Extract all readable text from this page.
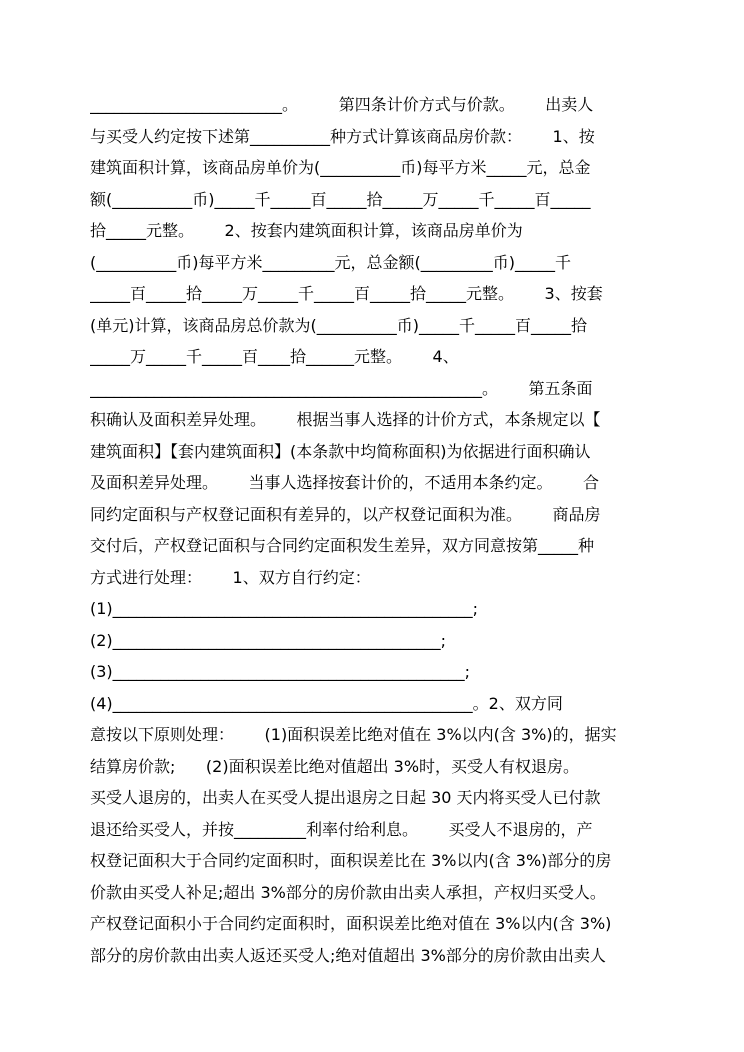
________________________。        第四条计价方式与价款。      出卖人
与买受人约定按下述第__________种方式计算该商品房价款：      1、按
建筑面积计算，该商品房单价为(__________币)每平方米_____元，总金
额(__________币)_____千_____百_____拾_____万_____千_____百_____
拾_____元整。      2、按套内建筑面积计算，该商品房单价为
(__________币)每平方米_________元，总金额(_________币)_____千
_____百_____拾_____万_____千_____百_____拾_____元整。      3、按套
(单元)计算，该商品房总价款为(__________币)_____千_____百_____拾
_____万_____千_____百____拾______元整。      4、
_________________________________________________。      第五条面
积确认及面积差异处理。      根据当事人选择的计价方式，本条规定以【
建筑面积】【套内建筑面积】(本条款中均简称面积)为依据进行面积确认
及面积差异处理。      当事人选择按套计价的，不适用本条约定。      合
同约定面积与产权登记面积有差异的，以产权登记面积为准。      商品房
交付后，产权登记面积与合同约定面积发生差异，双方同意按第_____种
方式进行处理：      1、双方自行约定：
(1)_____________________________________________;
(2)_________________________________________;
(3)____________________________________________;
(4)_____________________________________________。2、双方同
意按以下原则处理：      (1)面积误差比绝对值在 3%以内(含 3%)的，据实
结算房价款;      (2)面积误差比绝对值超出 3%时，买受人有权退房。
买受人退房的，出卖人在买受人提出退房之日起 30 天内将买受人已付款
退还给买受人，并按_________利率付给利息。      买受人不退房的，产
权登记面积大于合同约定面积时，面积误差比在 3%以内(含 3%)部分的房
价款由买受人补足;超出 3%部分的房价款由出卖人承担，产权归买受人。
产权登记面积小于合同约定面积时，面积误差比绝对值在 3%以内(含 3%)
部分的房价款由出卖人返还买受人;绝对值超出 3%部分的房价款由出卖人
